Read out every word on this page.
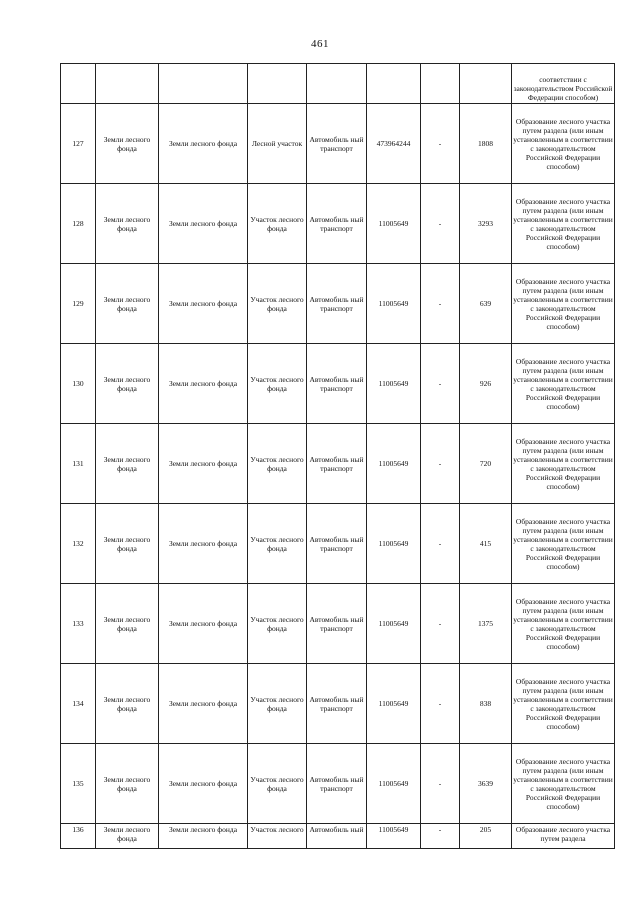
461
								соответствии с законодательством Российской Федерации способом)
127	Земли лесного фонда	Земли лесного фонда	Лесной участок	Автомобиль ный транспорт	473964244	-	1808	Образование лесного участка путем раздела (или иным установленным в соответствии с законодательством Российской Федерации способом)
128	Земли лесного фонда	Земли лесного фонда	Участок лесного фонда	Автомобиль ный транспорт	11005649	-	3293	Образование лесного участка путем раздела (или иным установленным в соответствии с законодательством Российской Федерации способом)
129	Земли лесного фонда	Земли лесного фонда	Участок лесного фонда	Автомобиль ный транспорт	11005649	-	639	Образование лесного участка путем раздела (или иным установленным в соответствии с законодательством Российской Федерации способом)
130	Земли лесного фонда	Земли лесного фонда	Участок лесного фонда	Автомобиль ный транспорт	11005649	-	926	Образование лесного участка путем раздела (или иным установленным в соответствии с законодательством Российской Федерации способом)
131	Земли лесного фонда	Земли лесного фонда	Участок лесного фонда	Автомобиль ный транспорт	11005649	-	720	Образование лесного участка путем раздела (или иным установленным в соответствии с законодательством Российской Федерации способом)
132	Земли лесного фонда	Земли лесного фонда	Участок лесного фонда	Автомобиль ный транспорт	11005649	-	415	Образование лесного участка путем раздела (или иным установленным в соответствии с законодательством Российской Федерации способом)
133	Земли лесного фонда	Земли лесного фонда	Участок лесного фонда	Автомобиль ный транспорт	11005649	-	1375	Образование лесного участка путем раздела (или иным установленным в соответствии с законодательством Российской Федерации способом)
134	Земли лесного фонда	Земли лесного фонда	Участок лесного фонда	Автомобиль ный транспорт	11005649	-	838	Образование лесного участка путем раздела (или иным установленным в соответствии с законодательством Российской Федерации способом)
135	Земли лесного фонда	Земли лесного фонда	Участок лесного фонда	Автомобиль ный транспорт	11005649	-	3639	Образование лесного участка путем раздела (или иным установленным в соответствии с законодательством Российской Федерации способом)
136	Земли лесного фонда	Земли лесного фонда	Участок лесного	Автомобиль ный	11005649	-	205	Образование лесного участка путем раздела
